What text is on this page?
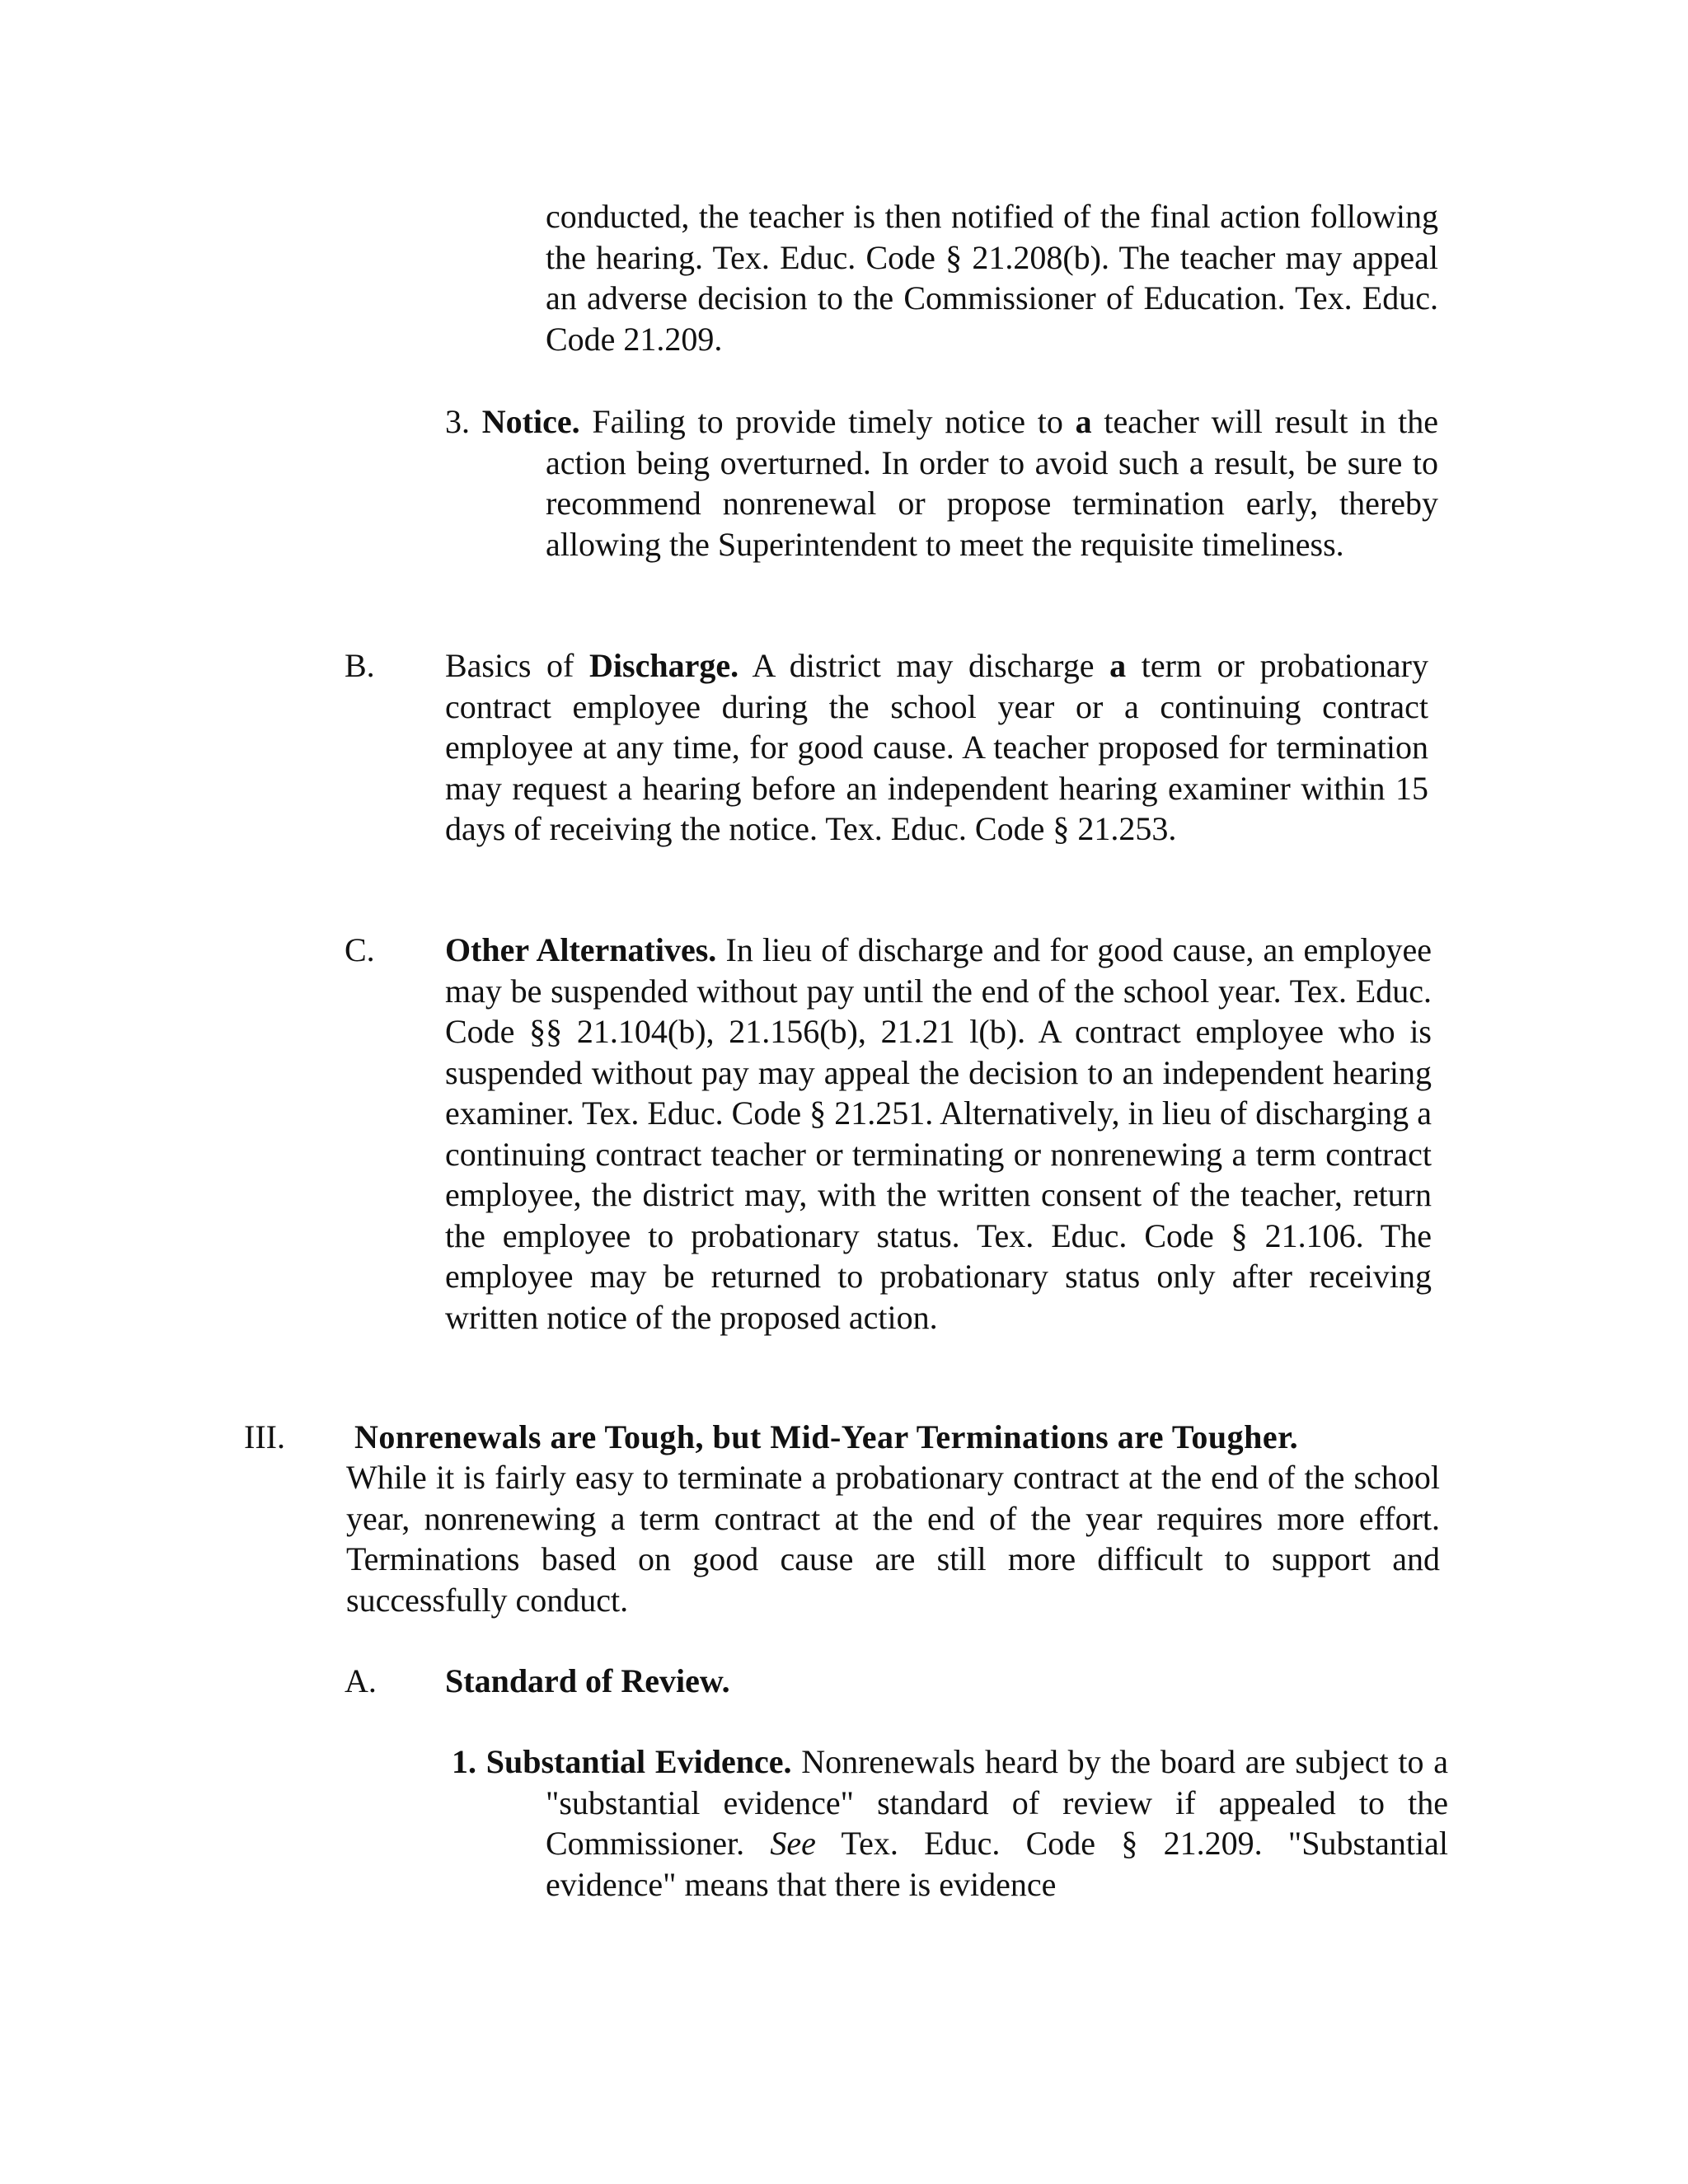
conducted, the teacher is then notified of the final action following the hearing. Tex. Educ. Code § 21.208(b). The teacher may appeal an adverse decision to the Commissioner of Education. Tex. Educ. Code 21.209.

3. Notice. Failing to provide timely notice to a teacher will result in the action being overturned. In order to avoid such a result, be sure to recommend nonrenewal or propose termination early, thereby allowing the Superintendent to meet the requisite timeliness.

B. Basics of Discharge. A district may discharge a term or probationary contract employee during the school year or a continuing contract employee at any time, for good cause. A teacher proposed for termination may request a hearing before an independent hearing examiner within 15 days of receiving the notice. Tex. Educ. Code § 21.253.

C. Other Alternatives. In lieu of discharge and for good cause, an employee may be suspended without pay until the end of the school year. Tex. Educ. Code §§ 21.104(b), 21.156(b), 21.21 l(b). A contract employee who is suspended without pay may appeal the decision to an independent hearing examiner. Tex. Educ. Code § 21.251. Alternatively, in lieu of discharging a continuing contract teacher or terminating or nonrenewing a term contract employee, the district may, with the written consent of the teacher, return the employee to probationary status. Tex. Educ. Code § 21.106. The employee may be returned to probationary status only after receiving written notice of the proposed action.

III. Nonrenewals are Tough, but Mid-Year Terminations are Tougher.

While it is fairly easy to terminate a probationary contract at the end of the school year, nonrenewing a term contract at the end of the year requires more effort. Terminations based on good cause are still more difficult to support and successfully conduct.

A. Standard of Review.

1. Substantial Evidence. Nonrenewals heard by the board are subject to a "substantial evidence" standard of review if appealed to the Commissioner. See Tex. Educ. Code § 21.209. "Substantial evidence" means that there is evidence
